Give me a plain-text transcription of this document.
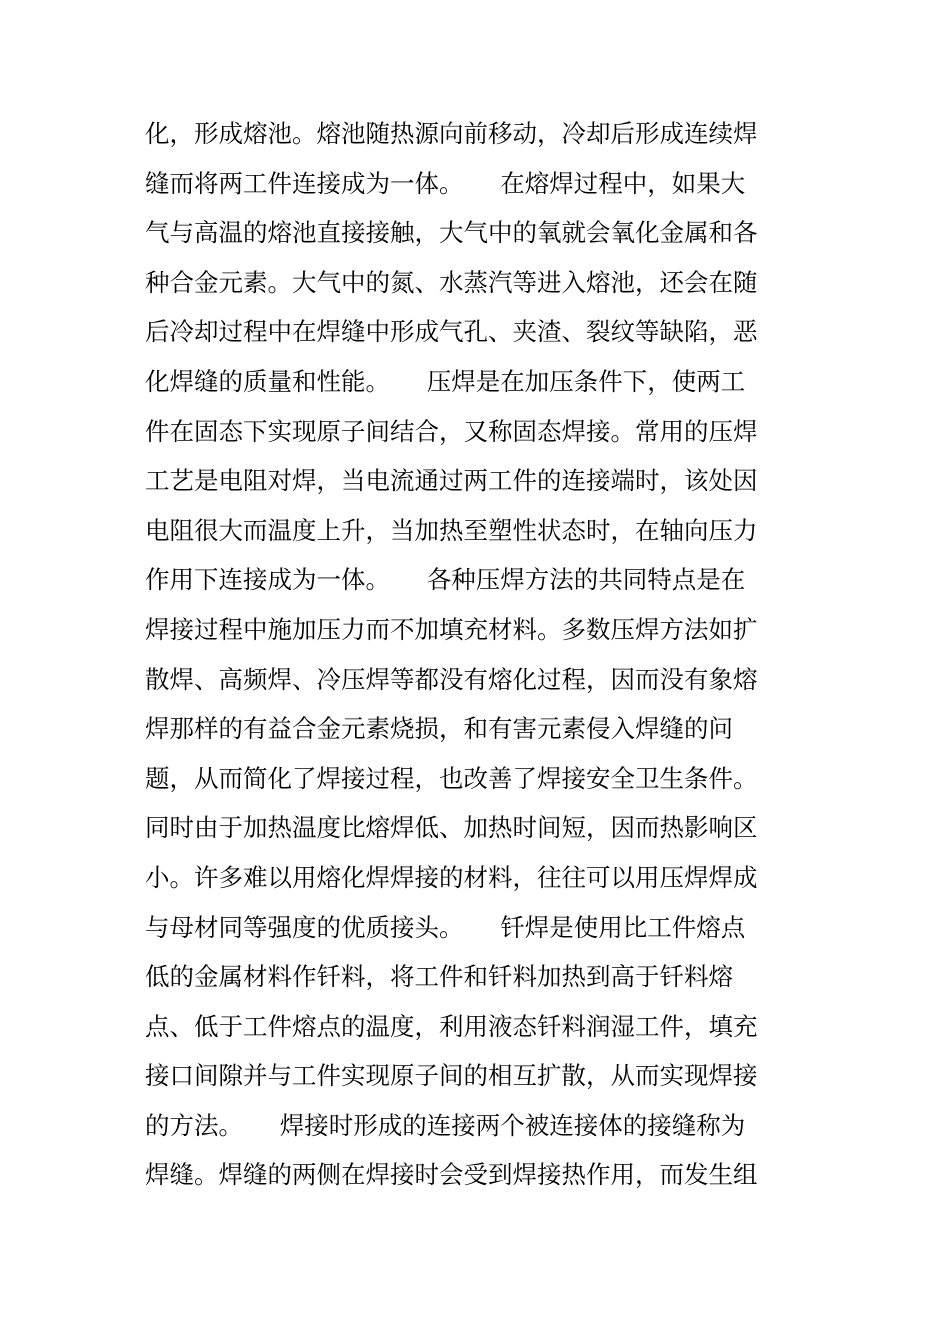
化，形成熔池。熔池随热源向前移动，冷却后形成连续焊
缝而将两工件连接成为一体。　　在熔焊过程中，如果大
气与高温的熔池直接接触，大气中的氧就会氧化金属和各
种合金元素。大气中的氮、水蒸汽等进入熔池，还会在随
后冷却过程中在焊缝中形成气孔、夹渣、裂纹等缺陷，恶
化焊缝的质量和性能。　　压焊是在加压条件下，使两工
件在固态下实现原子间结合，又称固态焊接。常用的压焊
工艺是电阻对焊，当电流通过两工件的连接端时，该处因
电阻很大而温度上升，当加热至塑性状态时，在轴向压力
作用下连接成为一体。　　各种压焊方法的共同特点是在
焊接过程中施加压力而不加填充材料。多数压焊方法如扩
散焊、高频焊、冷压焊等都没有熔化过程，因而没有象熔
焊那样的有益合金元素烧损，和有害元素侵入焊缝的问
题，从而简化了焊接过程，也改善了焊接安全卫生条件。
同时由于加热温度比熔焊低、加热时间短，因而热影响区
小。许多难以用熔化焊焊接的材料，往往可以用压焊焊成
与母材同等强度的优质接头。　　钎焊是使用比工件熔点
低的金属材料作钎料，将工件和钎料加热到高于钎料熔
点、低于工件熔点的温度，利用液态钎料润湿工件，填充
接口间隙并与工件实现原子间的相互扩散，从而实现焊接
的方法。　　焊接时形成的连接两个被连接体的接缝称为
焊缝。焊缝的两侧在焊接时会受到焊接热作用，而发生组
